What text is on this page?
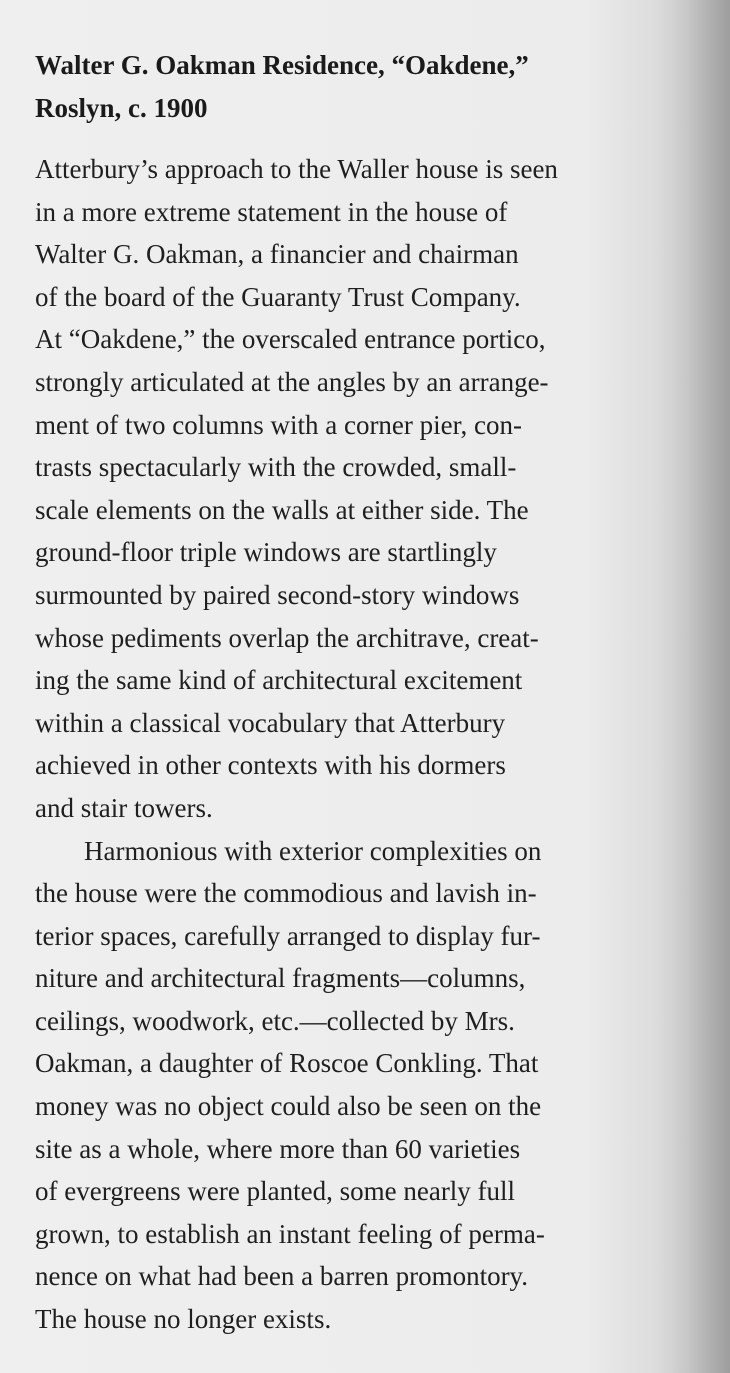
Walter G. Oakman Residence, “Oakdene,”
Roslyn, c. 1900
Atterbury’s approach to the Waller house is seen
in a more extreme statement in the house of
Walter G. Oakman, a financier and chairman
of the board of the Guaranty Trust Company.
At “Oakdene,” the overscaled entrance portico,
strongly articulated at the angles by an arrange-
ment of two columns with a corner pier, con-
trasts spectacularly with the crowded, small-
scale elements on the walls at either side. The
ground-floor triple windows are startlingly
surmounted by paired second-story windows
whose pediments overlap the architrave, creat-
ing the same kind of architectural excitement
within a classical vocabulary that Atterbury
achieved in other contexts with his dormers
and stair towers.
Harmonious with exterior complexities on
the house were the commodious and lavish in-
terior spaces, carefully arranged to display fur-
niture and architectural fragments—columns,
ceilings, woodwork, etc.—collected by Mrs.
Oakman, a daughter of Roscoe Conkling. That
money was no object could also be seen on the
site as a whole, where more than 60 varieties
of evergreens were planted, some nearly full
grown, to establish an instant feeling of perma-
nence on what had been a barren promontory.
The house no longer exists.
